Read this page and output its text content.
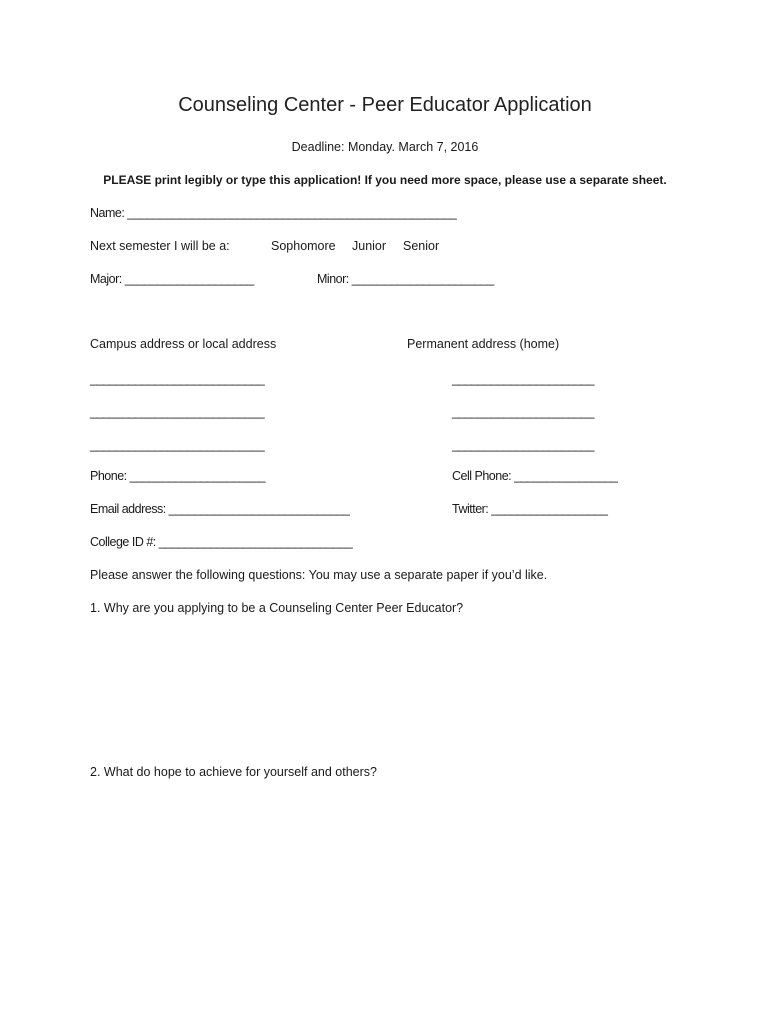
Counseling Center - Peer Educator Application
Deadline: Monday. March 7, 2016
PLEASE print legibly or type this application! If you need more space, please use a separate sheet.
Name: ___________________________________________________
Next semester I will be a:	Sophomore Junior Senior
Major: ____________________	Minor: ______________________
Campus address or local address	Permanent address (home)
___________________________	______________________
___________________________	______________________
___________________________	______________________
Phone: _____________________	Cell Phone: ________________
Email address: ____________________________	Twitter: __________________
College ID #: ______________________________
Please answer the following questions: You may use a separate paper if you’d like.
1. Why are you applying to be a Counseling Center Peer Educator?
2. What do hope to achieve for yourself and others?
